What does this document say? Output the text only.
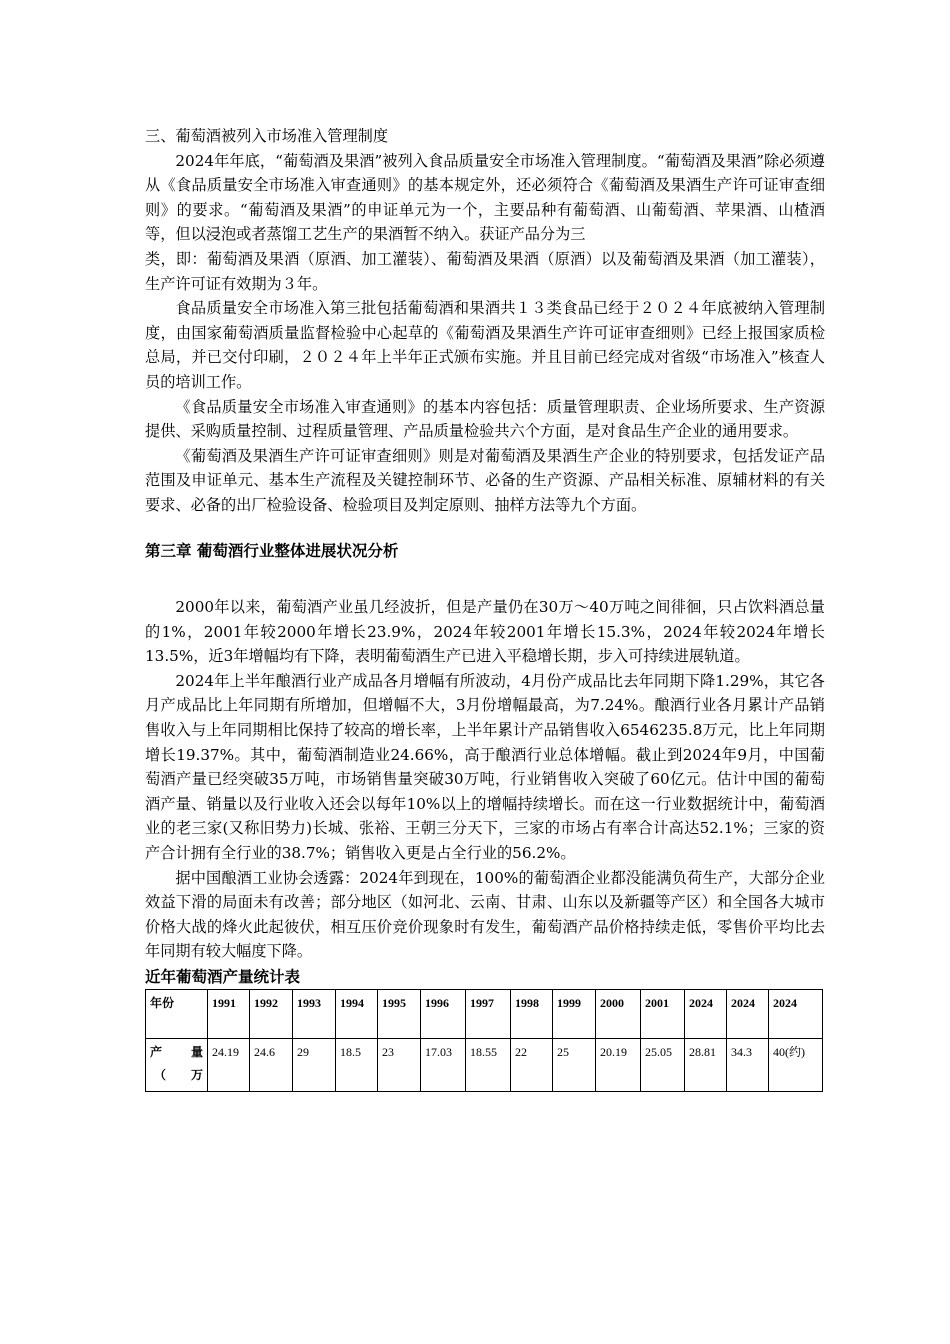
三、葡萄酒被列入市场准入管理制度

2024年年底，“葡萄酒及果酒”被列入食品质量安全市场准入管理制度。“葡萄酒及果酒”除必须遵从《食品质量安全市场准入审查通则》的基本规定外，还必须符合《葡萄酒及果酒生产许可证审查细则》的要求。“葡萄酒及果酒”的申证单元为一个，主要品种有葡萄酒、山葡萄酒、苹果酒、山楂酒等，但以浸泡或者蒸馏工艺生产的果酒暂不纳入。获证产品分为三

类，即：葡萄酒及果酒（原酒、加工灌装）、葡萄酒及果酒（原酒）以及葡萄酒及果酒（加工灌装），生产许可证有效期为３年。

食品质量安全市场准入第三批包括葡萄酒和果酒共１３类食品已经于２０２４年底被纳入管理制度，由国家葡萄酒质量监督检验中心起草的《葡萄酒及果酒生产许可证审查细则》已经上报国家质检总局，并已交付印刷，２０２４年上半年正式颁布实施。并且目前已经完成对省级“市场准入”核查人员的培训工作。

《食品质量安全市场准入审查通则》的基本内容包括：质量管理职责、企业场所要求、生产资源提供、采购质量控制、过程质量管理、产品质量检验共六个方面，是对食品生产企业的通用要求。

《葡萄酒及果酒生产许可证审查细则》则是对葡萄酒及果酒生产企业的特别要求，包括发证产品范围及申证单元、基本生产流程及关键控制环节、必备的生产资源、产品相关标准、原辅材料的有关要求、必备的出厂检验设备、检验项目及判定原则、抽样方法等九个方面。

第三章 葡萄酒行业整体进展状况分析

2000年以来，葡萄酒产业虽几经波折，但是产量仍在30万～40万吨之间徘徊，只占饮料酒总量的1%，2001年较2000年增长23.9%，2024年较2001年增长15.3%，2024年较2024年增长13.5%，近3年增幅均有下降，表明葡萄酒生产已进入平稳增长期，步入可持续进展轨道。

2024年上半年酿酒行业产成品各月增幅有所波动，4月份产成品比去年同期下降1.29%，其它各月产成品比上年同期有所增加，但增幅不大，3月份增幅最高，为7.24%。酿酒行业各月累计产品销售收入与上年同期相比保持了较高的增长率，上半年累计产品销售收入6546235.8万元，比上年同期增长19.37%。其中，葡萄酒制造业24.66%，高于酿酒行业总体增幅。截止到2024年9月，中国葡萄酒产量已经突破35万吨，市场销售量突破30万吨，行业销售收入突破了60亿元。估计中国的葡萄酒产量、销量以及行业收入还会以每年10%以上的增幅持续增长。而在这一行业数据统计中，葡萄酒业的老三家(又称旧势力)长城、张裕、王朝三分天下，三家的市场占有率合计高达52.1%；三家的资产合计拥有全行业的38.7%；销售收入更是占全行业的56.2%。

据中国酿酒工业协会透露：2024年到现在，100%的葡萄酒企业都没能满负荷生产，大部分企业效益下滑的局面未有改善；部分地区（如河北、云南、甘肃、山东以及新疆等产区）和全国各大城市价格大战的烽火此起彼伏，相互压价竞价现象时有发生，葡萄酒产品价格持续走低，零售价平均比去年同期有较大幅度下降。

近年葡萄酒产量统计表

年份	1991	1992	1993	1994	1995	1996	1997	1998	1999	2000	2001	2024	2024	2024

产 量
（ 万	24.19	24.6	29	18.5	23	17.03	18.55	22	25	20.19	25.05	28.81	34.3	40(约)
